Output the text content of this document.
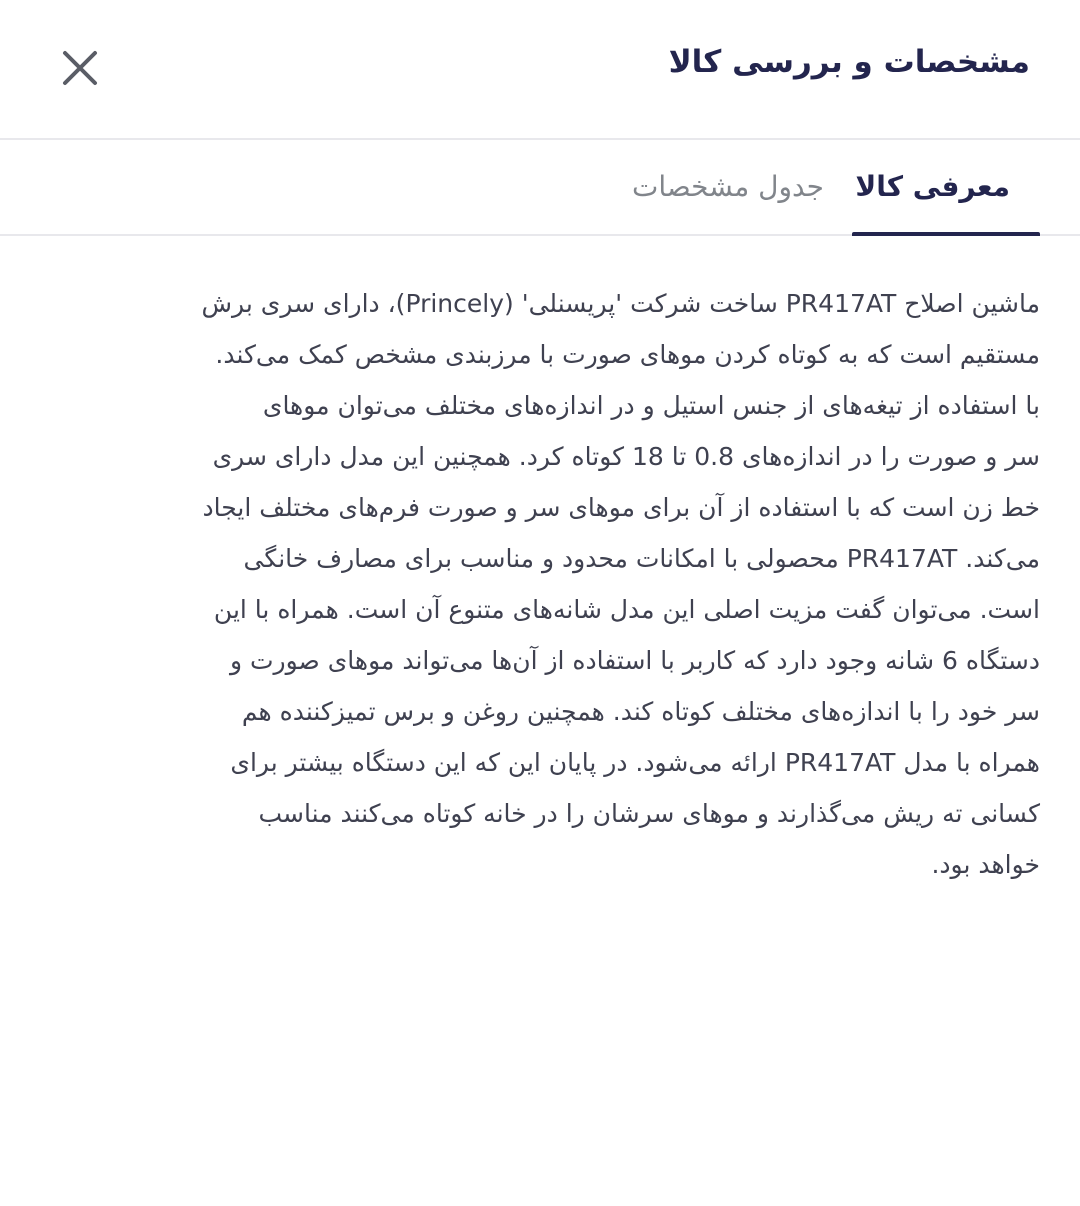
مشخصات و بررسی کالا
معرفی کالا
جدول مشخصات
ماشین اصلاح PR417AT ساخت شرکت 'پریسنلی' (Princely)، دارای سری برش
مستقیم است که به کوتاه کردن موهای صورت با مرزبندی مشخص کمک می‌کند.
با استفاده از تیغه‌های از جنس استیل و در اندازه‌های مختلف می‌توان موهای
سر و صورت را در اندازه‌های 0.8 تا 18 کوتاه کرد. همچنین این مدل دارای سری
خط زن است که با استفاده از آن برای موهای سر و صورت فرم‌های مختلف ایجاد
می‌کند. PR417AT محصولی با امکانات محدود و مناسب برای مصارف خانگی
است. می‌توان گفت مزیت اصلی این مدل شانه‌های متنوع آن است. همراه با این
دستگاه 6 شانه وجود دارد که کاربر با استفاده از آن‌ها می‌تواند موهای صورت و
سر خود را با اندازه‌های مختلف کوتاه کند. همچنین روغن و برس تمیزکننده هم
همراه با مدل PR417AT ارائه می‌شود. در پایان این که این دستگاه بیشتر برای
کسانی ته ریش می‌گذارند و موهای سرشان را در خانه کوتاه می‌کنند مناسب
خواهد بود.
